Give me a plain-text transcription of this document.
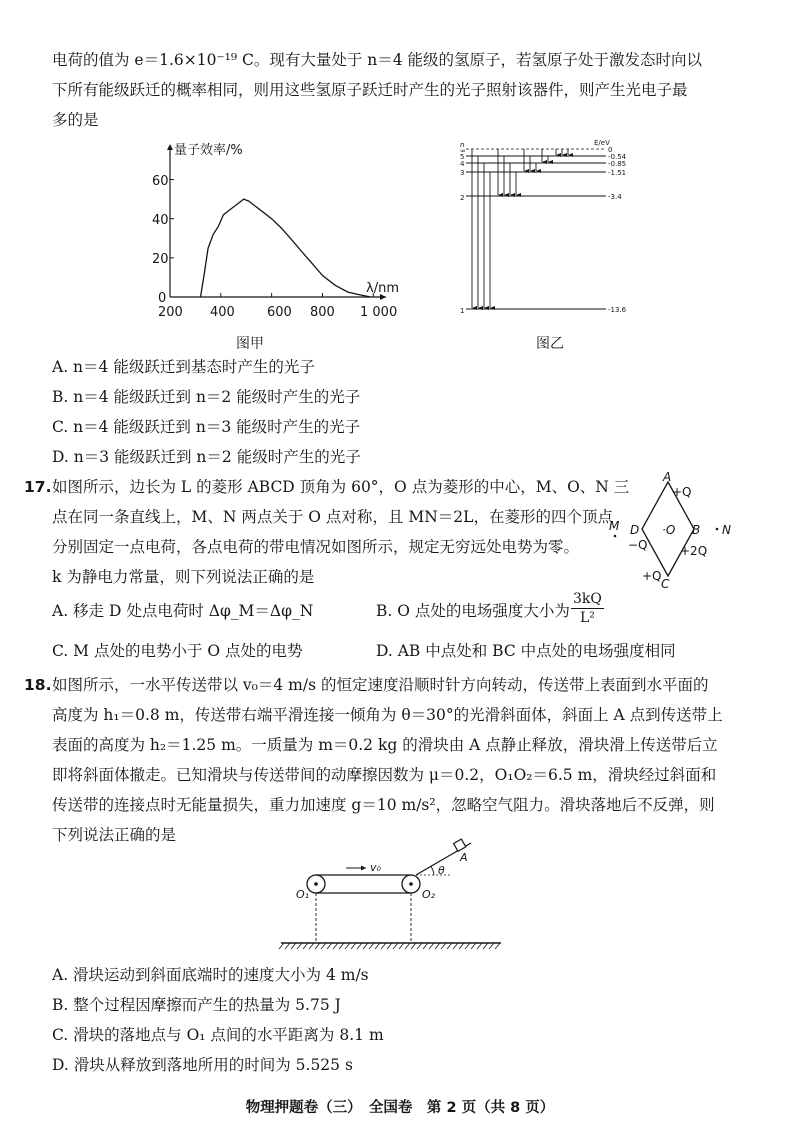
电荷的值为 e＝1.6×10⁻¹⁹ C。现有大量处于 n＝4 能级的氢原子，若氢原子处于激发态时向以
下所有能级跃迁的概率相同，则用这些氢原子跃迁时产生的光子照射该器件，则产生光电子最
多的是
量子效率/%
λ/nm
60
40
20
0
200 400 600 800 1 000
图甲
n	E/eV
∞	0
5	-0.54
4	-0.85
3	-1.51
2	-3.4
1	-13.6
图乙
A. n＝4 能级跃迁到基态时产生的光子
B. n＝4 能级跃迁到 n＝2 能级时产生的光子
C. n＝4 能级跃迁到 n＝3 能级时产生的光子
D. n＝3 能级跃迁到 n＝2 能级时产生的光子
17. 如图所示，边长为 L 的菱形 ABCD 顶角为 60°，O 点为菱形的中心，M、O、N 三
点在同一条直线上，M、N 两点关于 O 点对称，且 MN＝2L，在菱形的四个顶点
分别固定一点电荷，各点电荷的带电情况如图所示，规定无穷远处电势为零。
k 为静电力常量，则下列说法正确的是
A
+Q
B
+2Q
C
+Q
D
−Q
·O
M	N
A. 移走 D 处点电荷时 Δφ_M＝Δφ_N	B. O 点处的电场强度大小为 $\frac{3kQ}{\text{L²}}$
C. M 点处的电势小于 O 点处的电势	D. AB 中点处和 BC 中点处的电场强度相同
18. 如图所示，一水平传送带以 v₀＝4 m/s 的恒定速度沿顺时针方向转动，传送带上表面到水平面的
高度为 h₁＝0.8 m，传送带右端平滑连接一倾角为 θ＝30°的光滑斜面体，斜面上 A 点到传送带上
表面的高度为 h₂＝1.25 m。一质量为 m＝0.2 kg 的滑块由 A 点静止释放，滑块滑上传送带后立
即将斜面体撤走。已知滑块与传送带间的动摩擦因数为 μ＝0.2，O₁O₂＝6.5 m，滑块经过斜面和
传送带的连接点时无能量损失，重力加速度 g＝10 m/s²，忽略空气阻力。滑块落地后不反弹，则
下列说法正确的是
θ
A
v₀
O₁	O₂
A. 滑块运动到斜面底端时的速度大小为 4 m/s
B. 整个过程因摩擦而产生的热量为 5.75 J
C. 滑块的落地点与 O₁ 点间的水平距离为 8.1 m
D. 滑块从释放到落地所用的时间为 5.525 s
物理押题卷（三）　全国卷　第 2 页（共 8 页）
